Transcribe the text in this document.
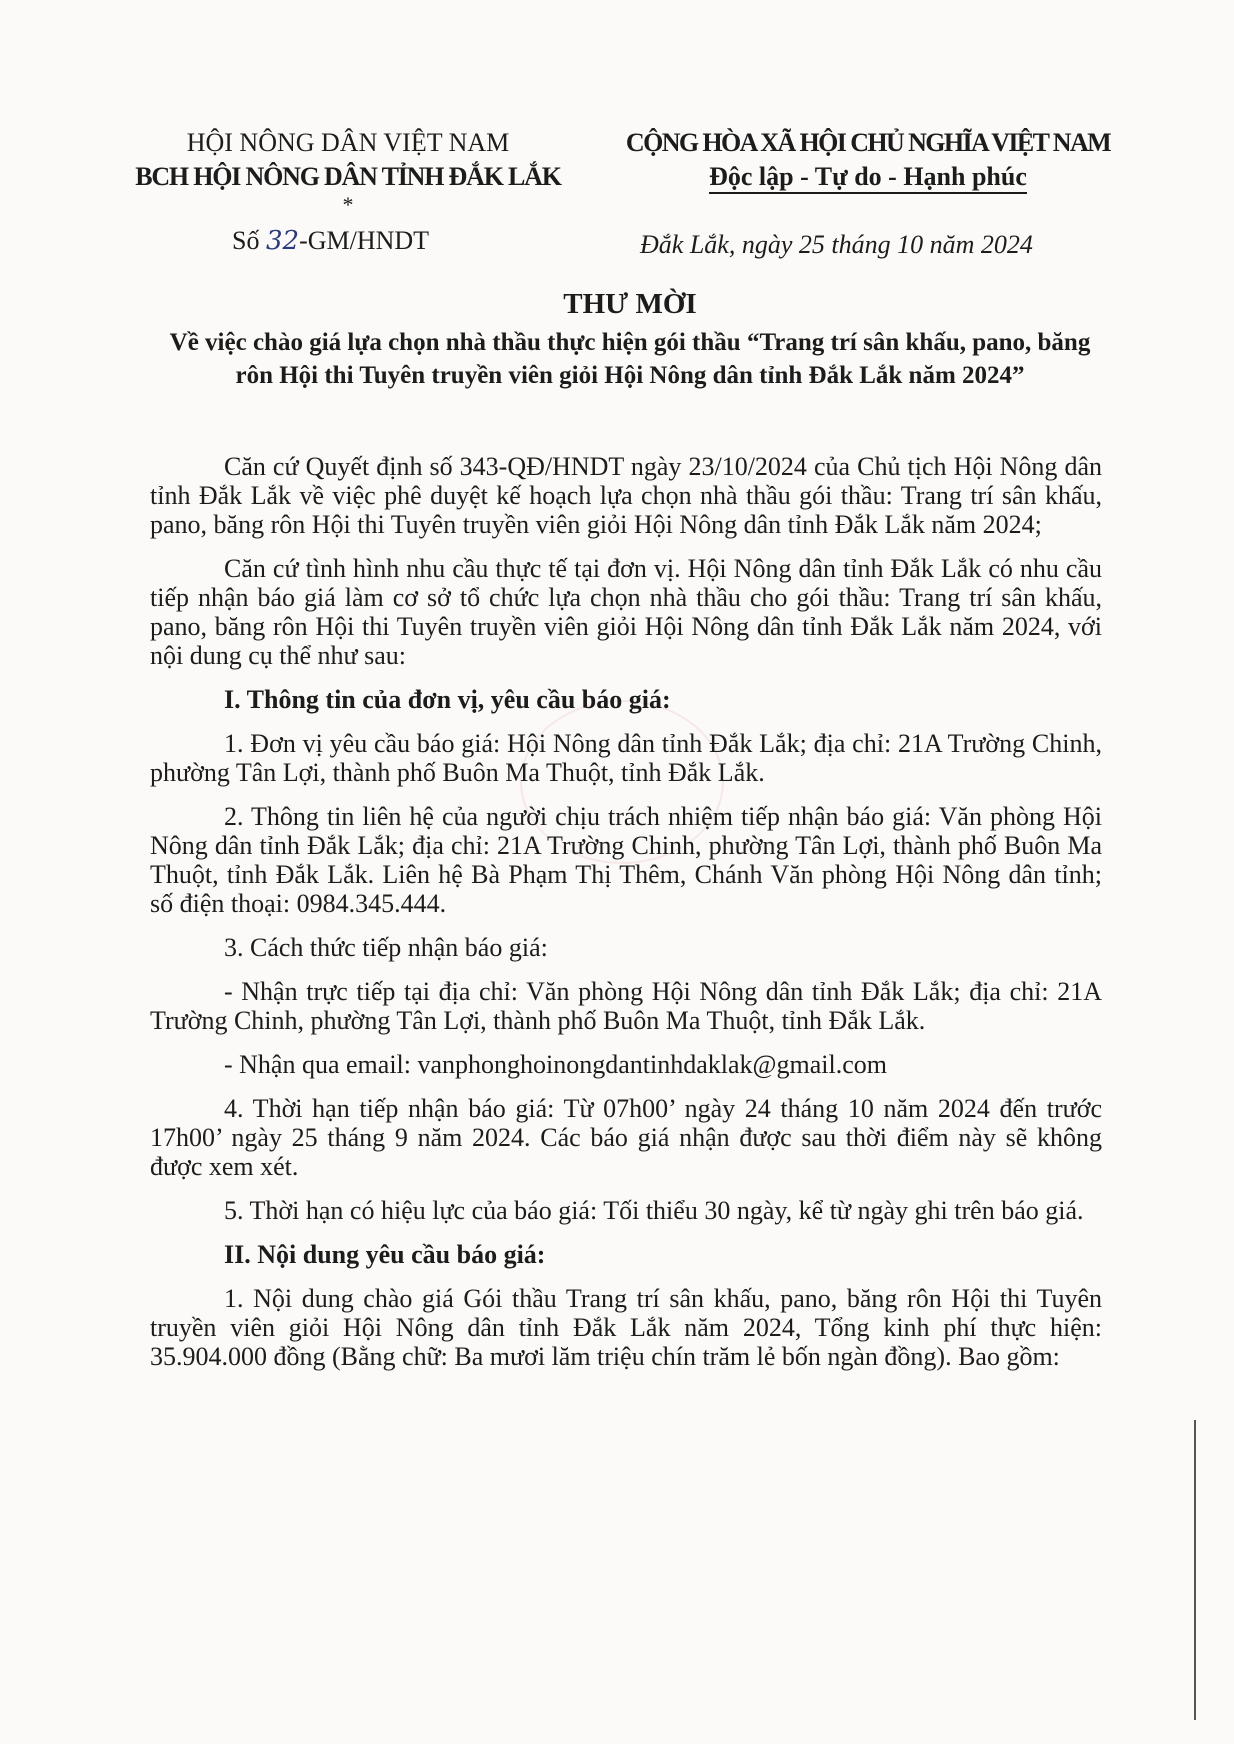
HỘI NÔNG DÂN VIỆT NAM
BCH HỘI NÔNG DÂN TỈNH ĐẮK LẮK
*
CỘNG HÒA XÃ HỘI CHỦ NGHĨA VIỆT NAM
Độc lập - Tự do - Hạnh phúc
Số 32-GM/HNDT	Đắk Lắk, ngày 25 tháng 10 năm 2024
THƯ MỜI
Về việc chào giá lựa chọn nhà thầu thực hiện gói thầu “Trang trí sân khấu, pano, băng rôn Hội thi Tuyên truyền viên giỏi Hội Nông dân tỉnh Đắk Lắk năm 2024”

Căn cứ Quyết định số 343-QĐ/HNDT ngày 23/10/2024 của Chủ tịch Hội Nông dân tỉnh Đắk Lắk về việc phê duyệt kế hoạch lựa chọn nhà thầu gói thầu: Trang trí sân khấu, pano, băng rôn Hội thi Tuyên truyền viên giỏi Hội Nông dân tỉnh Đắk Lắk năm 2024;

Căn cứ tình hình nhu cầu thực tế tại đơn vị. Hội Nông dân tỉnh Đắk Lắk có nhu cầu tiếp nhận báo giá làm cơ sở tổ chức lựa chọn nhà thầu cho gói thầu: Trang trí sân khấu, pano, băng rôn Hội thi Tuyên truyền viên giỏi Hội Nông dân tỉnh Đắk Lắk năm 2024, với nội dung cụ thể như sau:

I. Thông tin của đơn vị, yêu cầu báo giá:

1. Đơn vị yêu cầu báo giá: Hội Nông dân tỉnh Đắk Lắk; địa chỉ: 21A Trường Chinh, phường Tân Lợi, thành phố Buôn Ma Thuột, tỉnh Đắk Lắk.

2. Thông tin liên hệ của người chịu trách nhiệm tiếp nhận báo giá: Văn phòng Hội Nông dân tỉnh Đắk Lắk; địa chỉ: 21A Trường Chinh, phường Tân Lợi, thành phố Buôn Ma Thuột, tỉnh Đắk Lắk. Liên hệ Bà Phạm Thị Thêm, Chánh Văn phòng Hội Nông dân tỉnh; số điện thoại: 0984.345.444.

3. Cách thức tiếp nhận báo giá:

- Nhận trực tiếp tại địa chỉ: Văn phòng Hội Nông dân tỉnh Đắk Lắk; địa chỉ: 21A Trường Chinh, phường Tân Lợi, thành phố Buôn Ma Thuột, tỉnh Đắk Lắk.

- Nhận qua email: vanphonghoinongdantinhdaklak@gmail.com

4. Thời hạn tiếp nhận báo giá: Từ 07h00’ ngày 24 tháng 10 năm 2024 đến trước 17h00’ ngày 25 tháng 9 năm 2024. Các báo giá nhận được sau thời điểm này sẽ không được xem xét.

5. Thời hạn có hiệu lực của báo giá: Tối thiểu 30 ngày, kể từ ngày ghi trên báo giá.

II. Nội dung yêu cầu báo giá:

1. Nội dung chào giá Gói thầu Trang trí sân khấu, pano, băng rôn Hội thi Tuyên truyền viên giỏi Hội Nông dân tỉnh Đắk Lắk năm 2024, Tổng kinh phí thực hiện: 35.904.000 đồng (Bằng chữ: Ba mươi lăm triệu chín trăm lẻ bốn ngàn đồng). Bao gồm:
